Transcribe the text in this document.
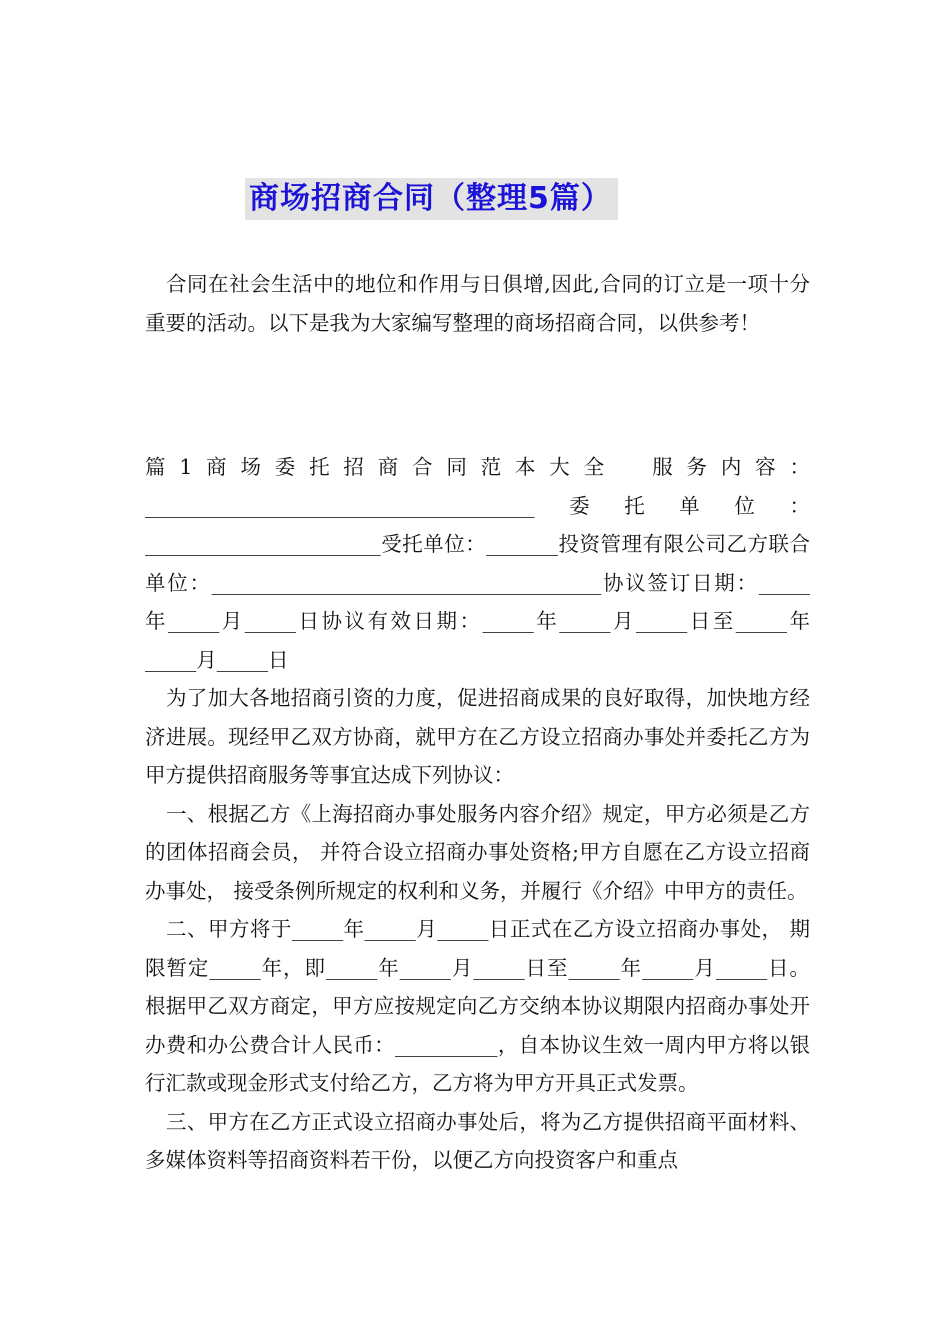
商场招商合同（整理5篇）

合同在社会生活中的地位和作用与日俱增,因此,合同的订立是一项十分重要的活动。以下是我为大家编写整理的商场招商合同，以供参考！

篇1商场委托招商合同范本大全　服务内容：______________________________________委托单位：_______________________受托单位：_______投资管理有限公司乙方联合单位：______________________________________协议签订日期：_____年_____月_____日协议有效日期：_____年_____月_____日至_____年_____月_____日

为了加大各地招商引资的力度，促进招商成果的良好取得，加快地方经济进展。现经甲乙双方协商，就甲方在乙方设立招商办事处并委托乙方为甲方提供招商服务等事宜达成下列协议：

一、根据乙方《上海招商办事处服务内容介绍》规定，甲方必须是乙方的团体招商会员， 并符合设立招商办事处资格;甲方自愿在乙方设立招商办事处， 接受条例所规定的权利和义务，并履行《介绍》中甲方的责任。

二、甲方将于_____年_____月_____日正式在乙方设立招商办事处， 期限暂定_____年，即_____年_____月_____日至_____年_____月_____日。根据甲乙双方商定，甲方应按规定向乙方交纳本协议期限内招商办事处开办费和办公费合计人民币：__________，自本协议生效一周内甲方将以银行汇款或现金形式支付给乙方，乙方将为甲方开具正式发票。

三、甲方在乙方正式设立招商办事处后，将为乙方提供招商平面材料、多媒体资料等招商资料若干份，以便乙方向投资客户和重点
